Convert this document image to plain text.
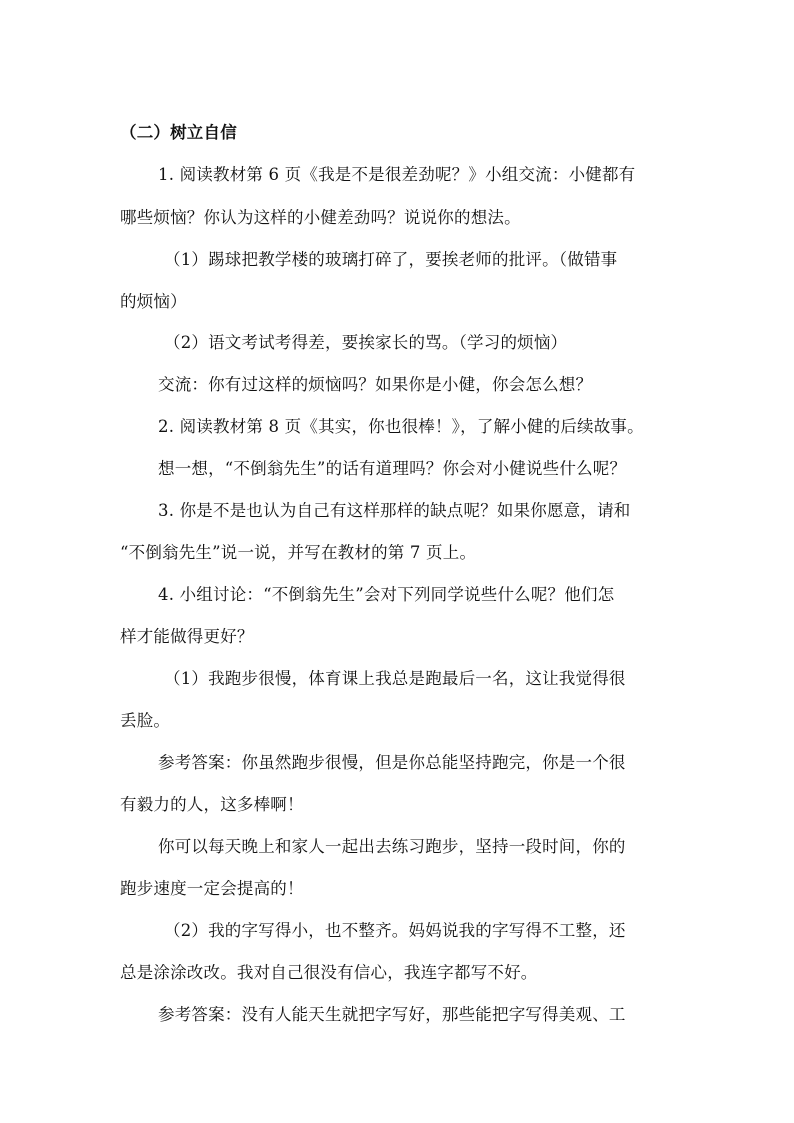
（二）树立自信
1. 阅读教材第 6 页《我是不是很差劲呢？》小组交流：小健都有
哪些烦恼？你认为这样的小健差劲吗？说说你的想法。
（1）踢球把教学楼的玻璃打碎了，要挨老师的批评。（做错事
的烦恼）
（2）语文考试考得差，要挨家长的骂。（学习的烦恼）
交流：你有过这样的烦恼吗？如果你是小健，你会怎么想？
2. 阅读教材第 8 页《其实，你也很棒！》，了解小健的后续故事。
想一想，“不倒翁先生”的话有道理吗？你会对小健说些什么呢？
3. 你是不是也认为自己有这样那样的缺点呢？如果你愿意，请和
“不倒翁先生”说一说，并写在教材的第 7 页上。
4. 小组讨论：“不倒翁先生”会对下列同学说些什么呢？他们怎
样才能做得更好？
（1）我跑步很慢，体育课上我总是跑最后一名，这让我觉得很
丢脸。
参考答案：你虽然跑步很慢，但是你总能坚持跑完，你是一个很
有毅力的人，这多棒啊！
你可以每天晚上和家人一起出去练习跑步，坚持一段时间，你的
跑步速度一定会提高的！
（2）我的字写得小，也不整齐。妈妈说我的字写得不工整，还
总是涂涂改改。我对自己很没有信心，我连字都写不好。
参考答案：没有人能天生就把字写好，那些能把字写得美观、工
